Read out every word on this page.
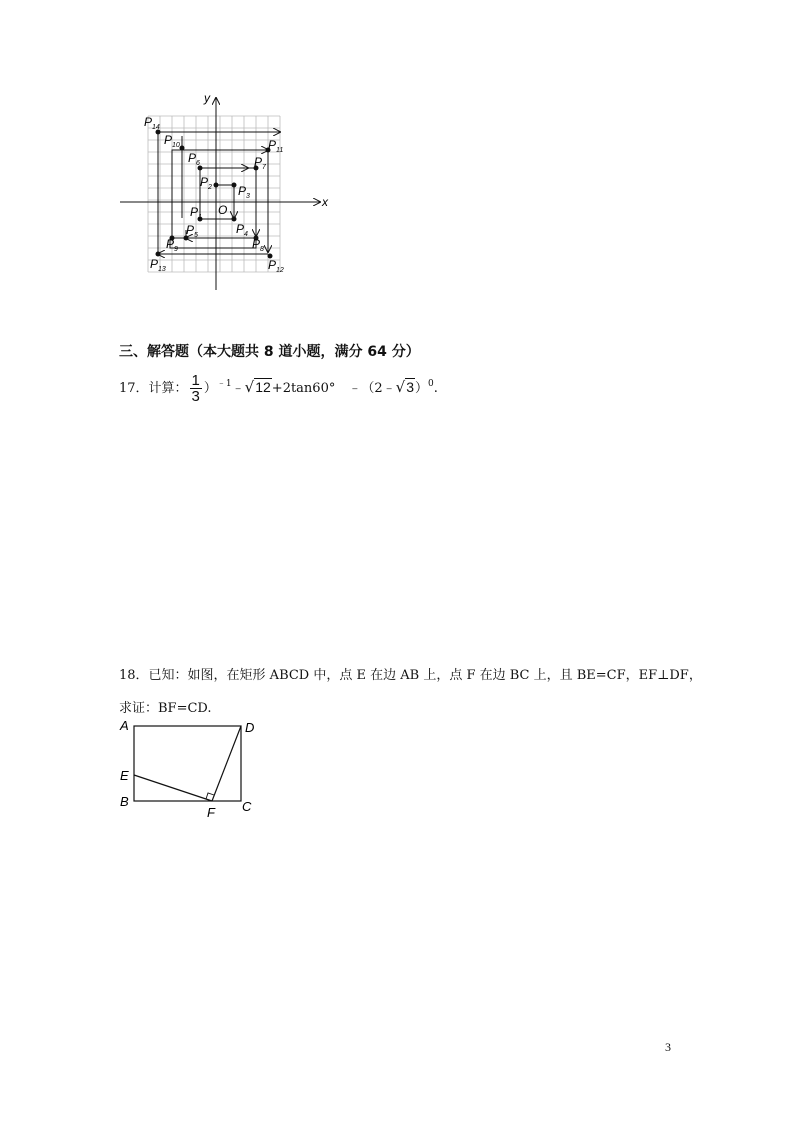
x
y
O
$P_1$
$P_2$ $P_3$
$P_4$
$P_5$
$P_6$	$P_7$
$P_8$
$P_9$
$P_{10}$	$P_{11}$
$P_{12}$
$P_{13}$
$P_{14}$
三、解答题（本大题共 8 道小题，满分 64 分）
17．计算： $\frac{1}{3}$ ）$^{﹣1}$﹣√12+2tan60°　﹣（2﹣√3）$^0$.
18．已知：如图，在矩形 ABCD 中，点 E 在边 AB 上，点 F 在边 BC 上，且 BE=CF，EF⊥DF，
求证：BF=CD.
A	D
E
B
F C
3
